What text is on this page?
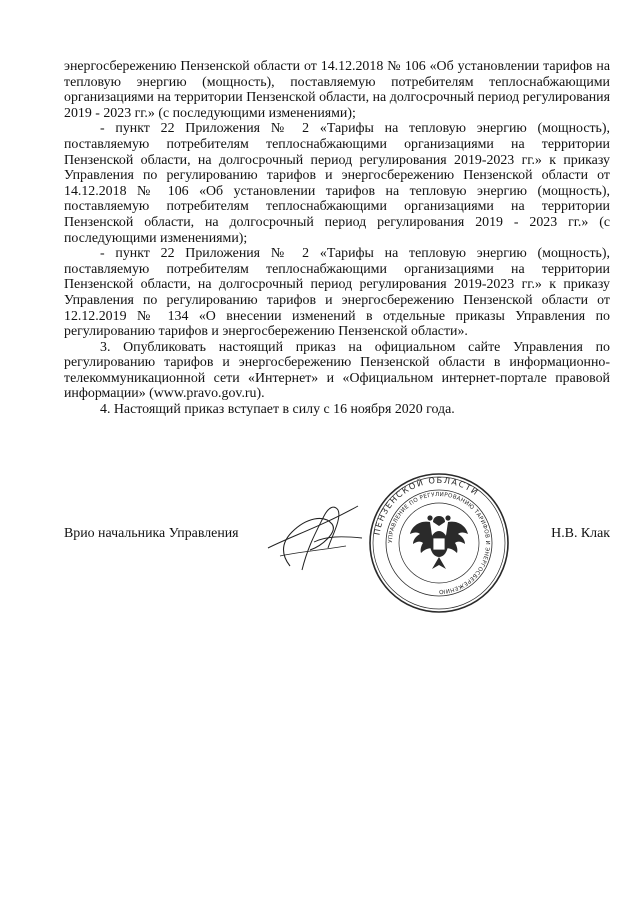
энергосбережению Пензенской области от 14.12.2018 № 106 «Об установлении тарифов на тепловую энергию (мощность), поставляемую потребителям теплоснабжающими организациями на территории Пензенской области, на долгосрочный период регулирования 2019 - 2023 гг.» (с последующими изменениями);

- пункт 22 Приложения № 2 «Тарифы на тепловую энергию (мощность), поставляемую потребителям теплоснабжающими организациями на территории Пензенской области, на долгосрочный период регулирования 2019-2023 гг.» к приказу Управления по регулированию тарифов и энергосбережению Пензенской области от 14.12.2018 № 106 «Об установлении тарифов на тепловую энергию (мощность), поставляемую потребителям теплоснабжающими организациями на территории Пензенской области, на долгосрочный период регулирования 2019 - 2023 гг.» (с последующими изменениями);

- пункт 22 Приложения № 2 «Тарифы на тепловую энергию (мощность), поставляемую потребителям теплоснабжающими организациями на территории Пензенской области, на долгосрочный период регулирования 2019-2023 гг.» к приказу Управления по регулированию тарифов и энергосбережению Пензенской области от 12.12.2019 № 134 «О внесении изменений в отдельные приказы Управления по регулированию тарифов и энергосбережению Пензенской области».

3. Опубликовать настоящий приказ на официальном сайте Управления по регулированию тарифов и энергосбережению Пензенской области в информационно-телекоммуникационной сети «Интернет» и «Официальном интернет-портале правовой информации» (www.pravo.gov.ru).

4. Настоящий приказ вступает в силу с 16 ноября 2020 года.

Врио начальника Управления	Н.В. Клак
ПЕНЗЕНСКОЙ ОБЛАСТИ
УПРАВЛЕНИЕ ПО РЕГУЛИРОВАНИЮ ТАРИФОВ И ЭНЕРГОСБЕРЕЖЕНИЮ
